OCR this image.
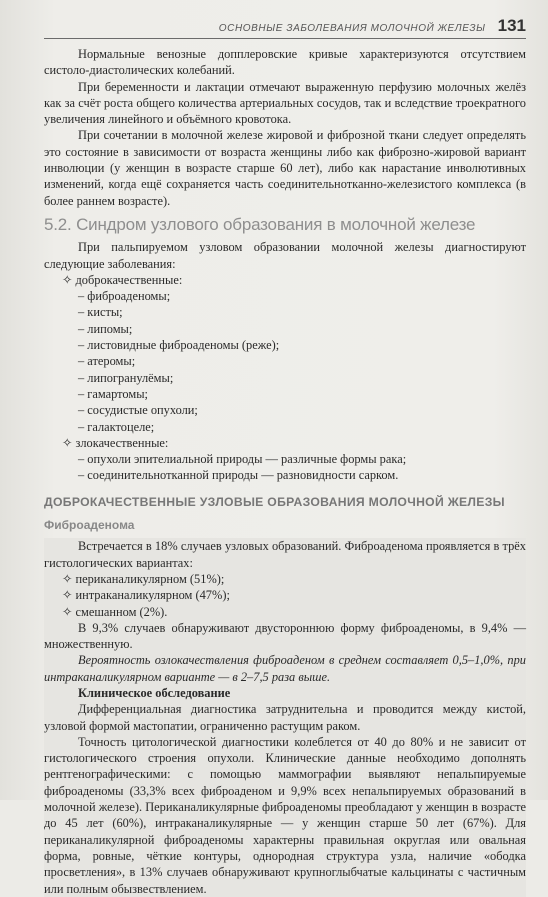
ОСНОВНЫЕ ЗАБОЛЕВАНИЯ МОЛОЧНОЙ ЖЕЛЕЗЫ 131

Нормальные венозные допплеровские кривые характеризуются отсутствием систоло-диастолических колебаний.

При беременности и лактации отмечают выраженную перфузию молочных желёз как за счёт роста общего количества артериальных сосудов, так и вследствие троекратного увеличения линейного и объёмного кровотока.

При сочетании в молочной железе жировой и фиброзной ткани следует определять это состояние в зависимости от возраста женщины либо как фиброзно-жировой вариант инволюции (у женщин в возрасте старше 60 лет), либо как нарастание инволютивных изменений, когда ещё сохраняется часть соединительнотканно-железистого комплекса (в более раннем возрасте).

5.2. Синдром узлового образования в молочной железе

При пальпируемом узловом образовании молочной железы диагностируют следующие заболевания:

✧ доброкачественные:
– фиброаденомы;
– кисты;
– липомы;
– листовидные фиброаденомы (реже);
– атеромы;
– липогранулёмы;
– гамартомы;
– сосудистые опухоли;
– галактоцеле;
✧ злокачественные:
– опухоли эпителиальной природы — различные формы рака;
– соединительнотканной природы — разновидности сарком.
ДОБРОКАЧЕСТВЕННЫЕ УЗЛОВЫЕ ОБРАЗОВАНИЯ МОЛОЧНОЙ ЖЕЛЕЗЫ
Фиброаденома

Встречается в 18% случаев узловых образований. Фиброаденома проявляется в трёх гистологических вариантах:

✧ периканаликулярном (51%);
✧ интраканаликулярном (47%);
✧ смешанном (2%).

В 9,3% случаев обнаруживают двустороннюю форму фиброаденомы, в 9,4% — множественную.

Вероятность озлокачествления фиброаденом в среднем составляет 0,5–1,0%, при интраканаликулярном варианте — в 2–7,5 раза выше.

Клиническое обследование

Дифференциальная диагностика затруднительна и проводится между кистой, узловой формой мастопатии, ограниченно растущим раком.

Точность цитологической диагностики колеблется от 40 до 80% и не зависит от гистологического строения опухоли. Клинические данные необходимо дополнять рентгенографическими: с помощью маммографии выявляют непальпируемые фиброаденомы (33,3% всех фиброаденом и 9,9% всех непальпируемых образований в молочной железе). Периканаликулярные фиброаденомы преобладают у женщин в возрасте до 45 лет (60%), интраканаликулярные — у женщин старше 50 лет (67%). Для периканаликулярной фиброаденомы характерны правильная округлая или овальная форма, ровные, чёткие контуры, однородная структура узла, наличие «ободка просветления», в 13% случаев обнаруживают крупноглыбчатые кальцинаты с частичным или полным обызвествлением.
